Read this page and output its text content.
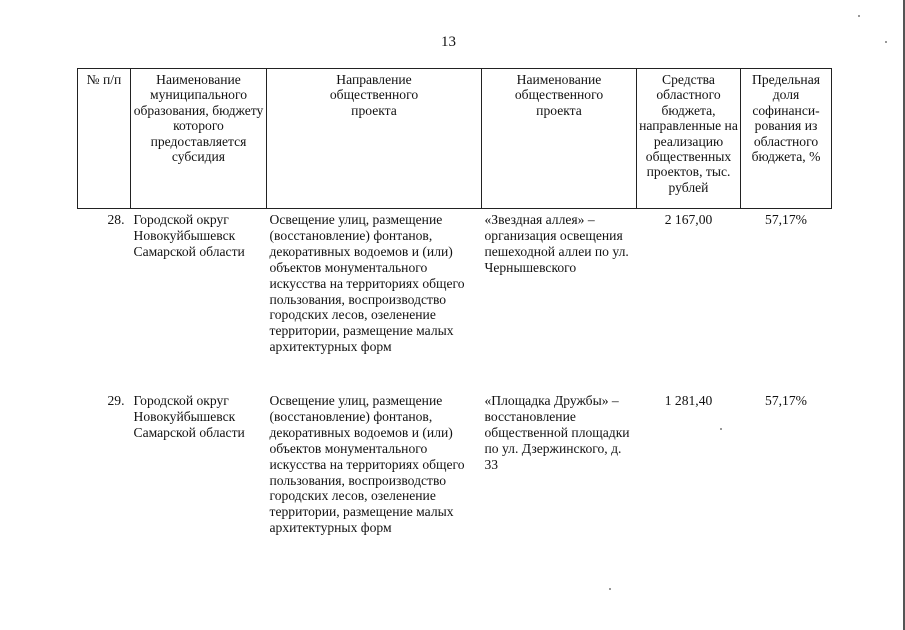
13
№ п/п	Наименование муниципального образования, бюджету которого предоставляется субсидия	Направление общественного проекта	Наименование общественного проекта	Средства областного бюджета, направленные на реализацию общественных проектов, тыс. рублей	Предельная доля софинанси-рования из областного бюджета, %
28.	Городской округ Новокуйбышевск Самарской области	Освещение улиц, размещение (восстановление) фонтанов, декоративных водоемов и (или) объектов монументального искусства на территориях общего пользования, воспроизводство городских лесов, озеленение территории, размещение малых архитектурных форм	«Звездная аллея» – организация освещения пешеходной аллеи по ул. Чернышевского	2 167,00	57,17%
29.	Городской округ Новокуйбышевск Самарской области	Освещение улиц, размещение (восстановление) фонтанов, декоративных водоемов и (или) объектов монументального искусства на территориях общего пользования, воспроизводство городских лесов, озеленение территории, размещение малых архитектурных форм	«Площадка Дружбы» – восстановление общественной площадки по ул. Дзержинского, д. 33	1 281,40	57,17%
